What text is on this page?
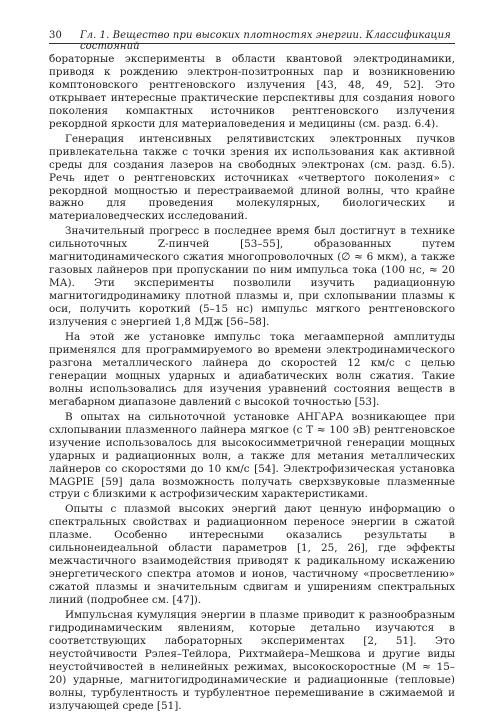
30 Гл. 1. Вещество при высоких плотностях энергии. Классификация состояний

боратoрные эксперименты в области квантовой электродинамики, приводя к рождению электрон-позитронных пар и возникновению комптоновского рентгеновского излучения [43, 48, 49, 52]. Это открывает интересные практические перспективы для создания нового поколения компактных источников рентгеновского излучения рекордной яркости для материаловедения и медицины (см. разд. 6.4).

Генерация интенсивных релятивистских электронных пучков привлекательна также с точки зрения их использования как активной среды для создания лазеров на свободных электронах (см. разд. 6.5). Речь идет о рентгеновских источниках «четвертого поколения» с рекордной мощностью и перестраиваемой длиной волны, что крайне важно для проведения молекулярных, биологических и материаловедческих исследований.

Значительный прогресс в последнее время был достигнут в технике сильноточных Z-пинчей [53–55], образованных путем магнитодинамического сжатия многопроволочных (∅ ≈ 6 мкм), а также газовых лайнеров при пропускании по ним импульса тока (100 нс, ≈ 20 МА). Эти эксперименты позволили изучить радиационную магнитогидродинамику плотной плазмы и, при схлопывании плазмы к оси, получить короткий (5–15 нс) импульс мягкого рентгеновского излучения с энергией 1,8 МДж [56–58].

На этой же установке импульс тока мегаамперной амплитуды применялся для программируемого во времени электродинамического разгона металлического лайнера до скоростей 12 км/с с целью генерации мощных ударных и адиабатических волн сжатия. Такие волны использовались для изучения уравнений состояния веществ в мегабарном диапазоне давлений с высокой точностью [53].

В опытах на сильноточной установке АНГАРА возникающее при схлопывании плазменного лайнера мягкое (с T ≈ 100 эВ) рентгеновское изучение использовалось для высокосимметричной генерации мощных ударных и радиационных волн, а также для метания металлических лайнеров со скоростями до 10 км/с [54]. Электрофизическая установка MAGPIE [59] дала возможность получать сверхзвуковые плазменные струи с близкими к астрофизическим характеристиками.

Опыты с плазмой высоких энергий дают ценную информацию о спектральных свойствах и радиационном переносе энергии в сжатой плазме. Особенно интересными оказались результаты в сильнонеидеальной области параметров [1, 25, 26], где эффекты межчастичного взаимодействия приводят к радикальному искажению энергетического спектра атомов и ионов, частичному «просветлению» сжатой плазмы и значительным сдвигам и уширениям спектральных линий (подробнее см. [47]).

Импульсная кумуляция энергии в плазме приводит к разнообразным гидродинамическим явлениям, которые детально изучаются в соответствующих лабораторных экспериментах [2, 51]. Это неустойчивости Рэлея–Тейлора, Рихтмайера–Мешкова и другие виды неустойчивостей в нелинейных режимах, высокоскоростные (M ≈ 15–20) ударные, магнитогидродинамические и радиационные (тепловые) волны, турбулентность и турбулентное перемешивание в сжимаемой и излучающей среде [51].
